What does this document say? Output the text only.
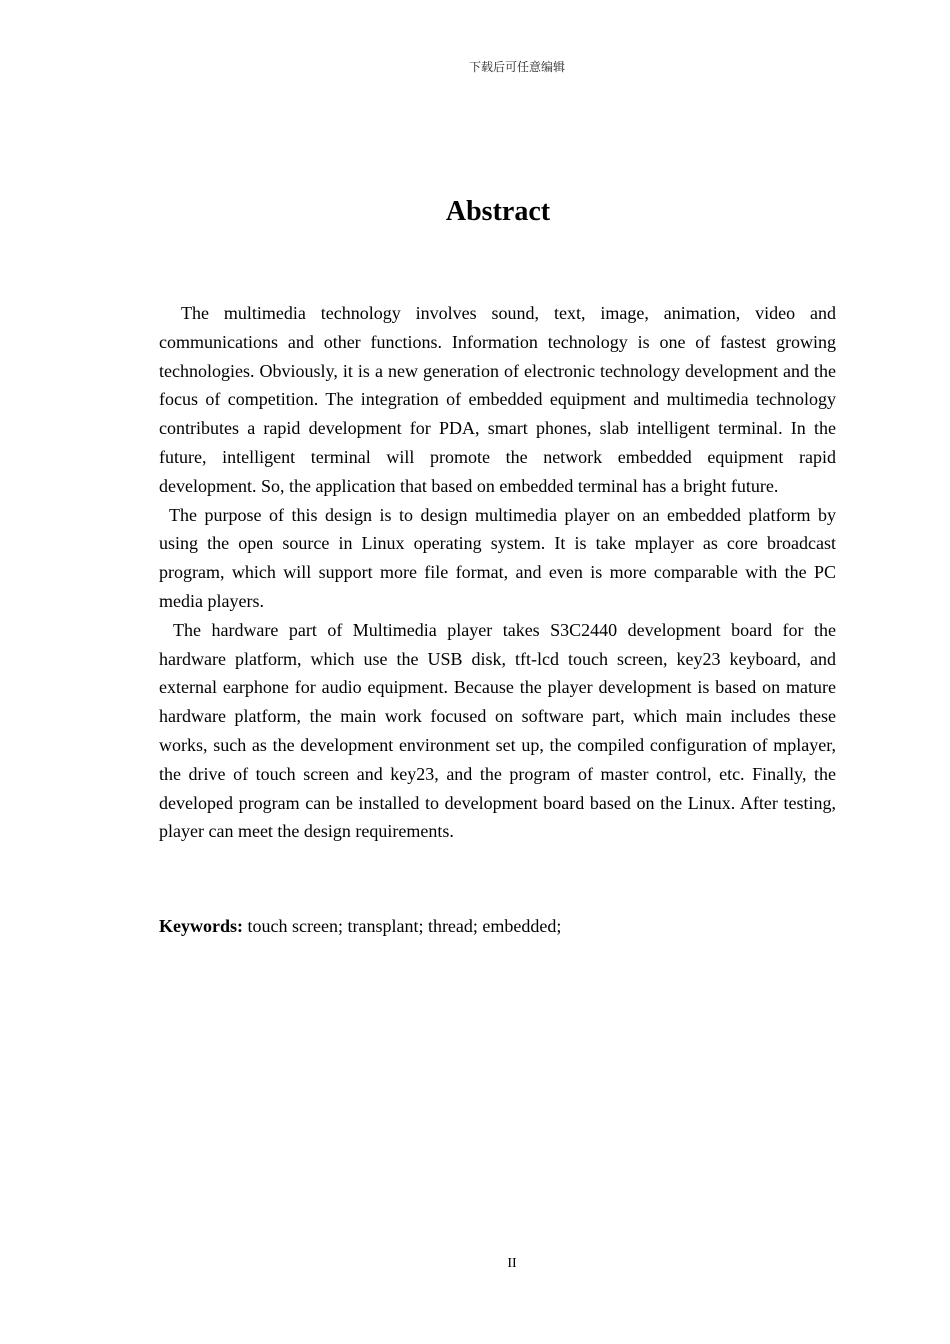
下载后可任意编辑
Abstract

The multimedia technology involves sound, text, image, animation, video and communications and other functions. Information technology is one of fastest growing technologies. Obviously, it is a new generation of electronic technology development and the focus of competition. The integration of embedded equipment and multimedia technology contributes a rapid development for PDA, smart phones, slab intelligent terminal. In the future, intelligent terminal will promote the network embedded equipment rapid development. So, the application that based on embedded terminal has a bright future.

The purpose of this design is to design multimedia player on an embedded platform by using the open source in Linux operating system. It is take mplayer as core broadcast program, which will support more file format, and even is more comparable with the PC media players.

The hardware part of Multimedia player takes S3C2440 development board for the hardware platform, which use the USB disk, tft-lcd touch screen, key23 keyboard, and external earphone for audio equipment. Because the player development is based on mature hardware platform, the main work focused on software part, which main includes these works, such as the development environment set up, the compiled configuration of mplayer, the drive of touch screen and key23, and the program of master control, etc. Finally, the developed program can be installed to development board based on the Linux. After testing, player can meet the design requirements.

Keywords: touch screen; transplant; thread; embedded;
II
